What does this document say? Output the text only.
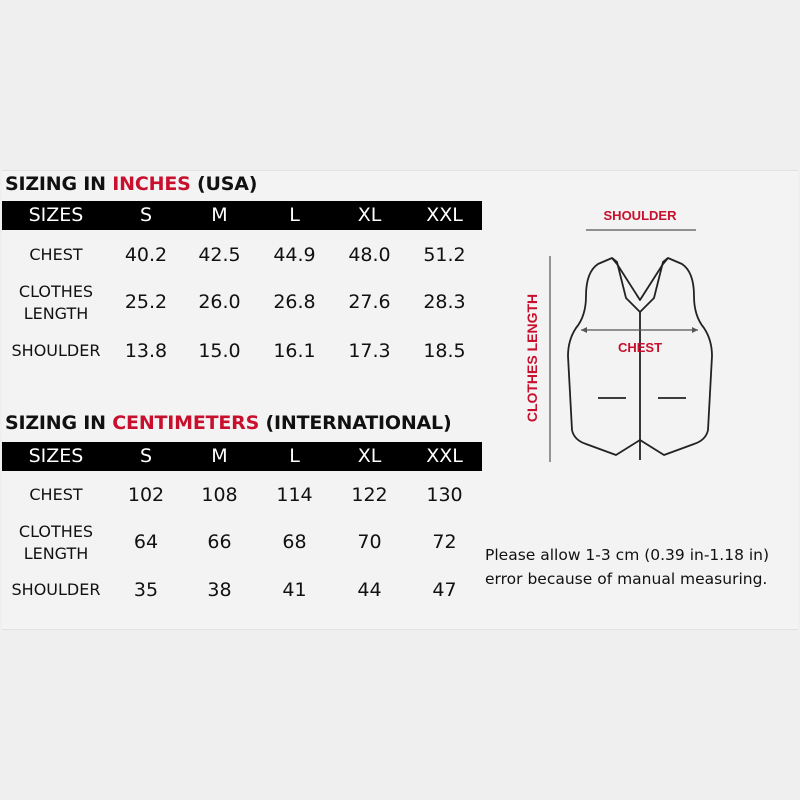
SIZING IN INCHES (USA)
SIZES	S	M	L	XL	XXL
CHEST	40.2	42.5	44.9	48.0	51.2
CLOTHES
LENGTH
25.2	26.0	26.8	27.6	28.3
SHOULDER	13.8	15.0	16.1	17.3	18.5
SIZING IN CENTIMETERS (INTERNATIONAL)
SIZES	S	M	L	XL	XXL
CHEST	102	108	114	122	130
CLOTHES
LENGTH
64	66	68	70	72
SHOULDER	35	38	41	44	47
SHOULDER
CLOTHES LENGTH	CHEST
Please allow 1-3 cm (0.39 in-1.18 in)
error because of manual measuring.
